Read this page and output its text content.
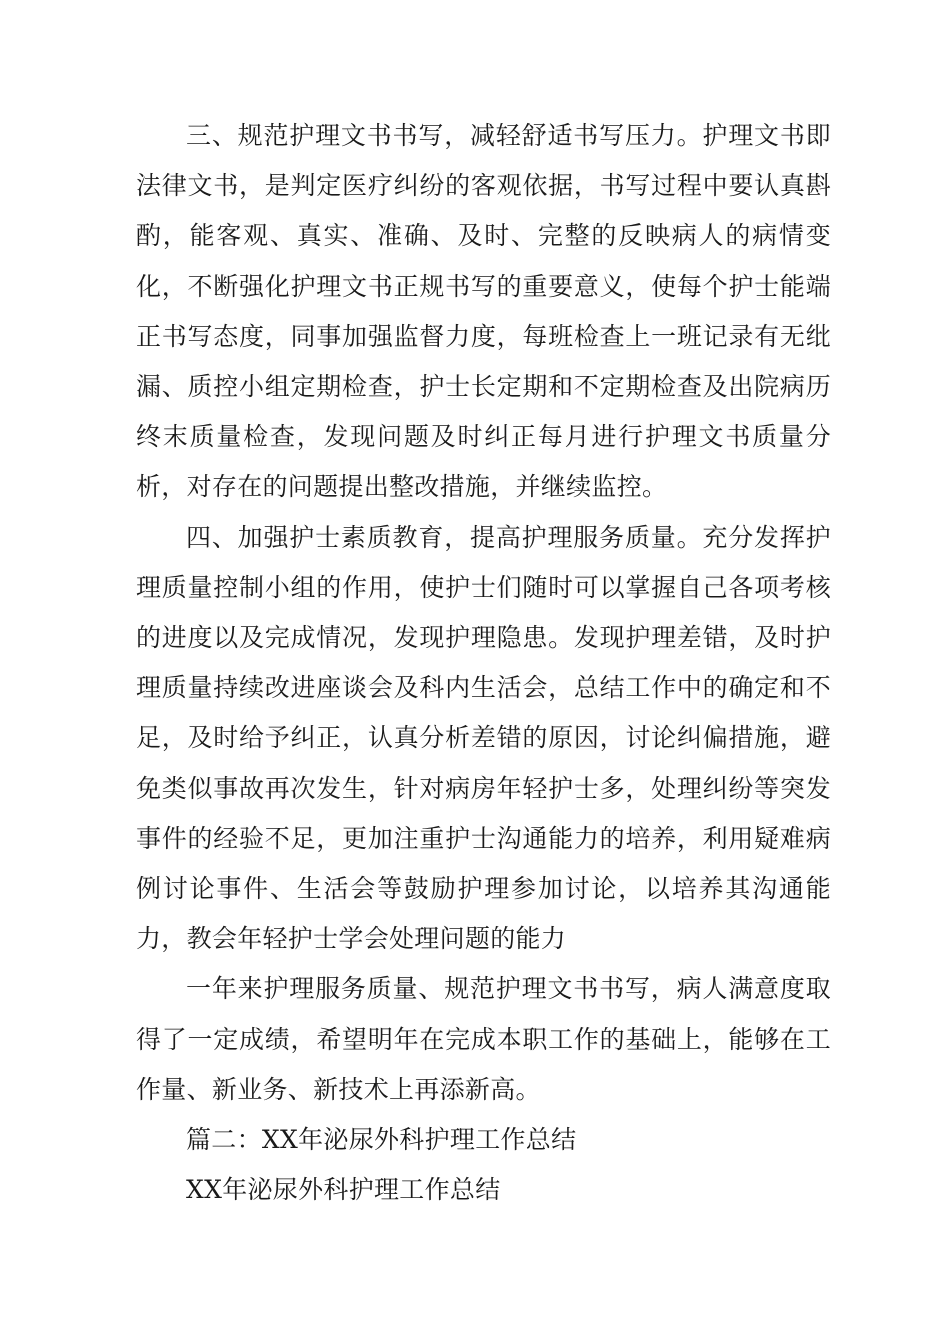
三、规范护理文书书写，减轻舒适书写压力。护理文书即法律文书，是判定医疗纠纷的客观依据，书写过程中要认真斟酌，能客观、真实、准确、及时、完整的反映病人的病情变化，不断强化护理文书正规书写的重要意义，使每个护士能端正书写态度，同事加强监督力度，每班检查上一班记录有无纰漏、质控小组定期检查，护士长定期和不定期检查及出院病历终末质量检查，发现问题及时纠正每月进行护理文书质量分析，对存在的问题提出整改措施，并继续监控。

四、加强护士素质教育，提高护理服务质量。充分发挥护理质量控制小组的作用，使护士们随时可以掌握自己各项考核的进度以及完成情况，发现护理隐患。发现护理差错，及时护理质量持续改进座谈会及科内生活会，总结工作中的确定和不足，及时给予纠正，认真分析差错的原因，讨论纠偏措施，避免类似事故再次发生，针对病房年轻护士多，处理纠纷等突发事件的经验不足，更加注重护士沟通能力的培养，利用疑难病例讨论事件、生活会等鼓励护理参加讨论，以培养其沟通能力，教会年轻护士学会处理问题的能力

一年来护理服务质量、规范护理文书书写，病人满意度取得了一定成绩，希望明年在完成本职工作的基础上，能够在工作量、新业务、新技术上再添新高。

篇二：XX年泌尿外科护理工作总结

XX年泌尿外科护理工作总结
